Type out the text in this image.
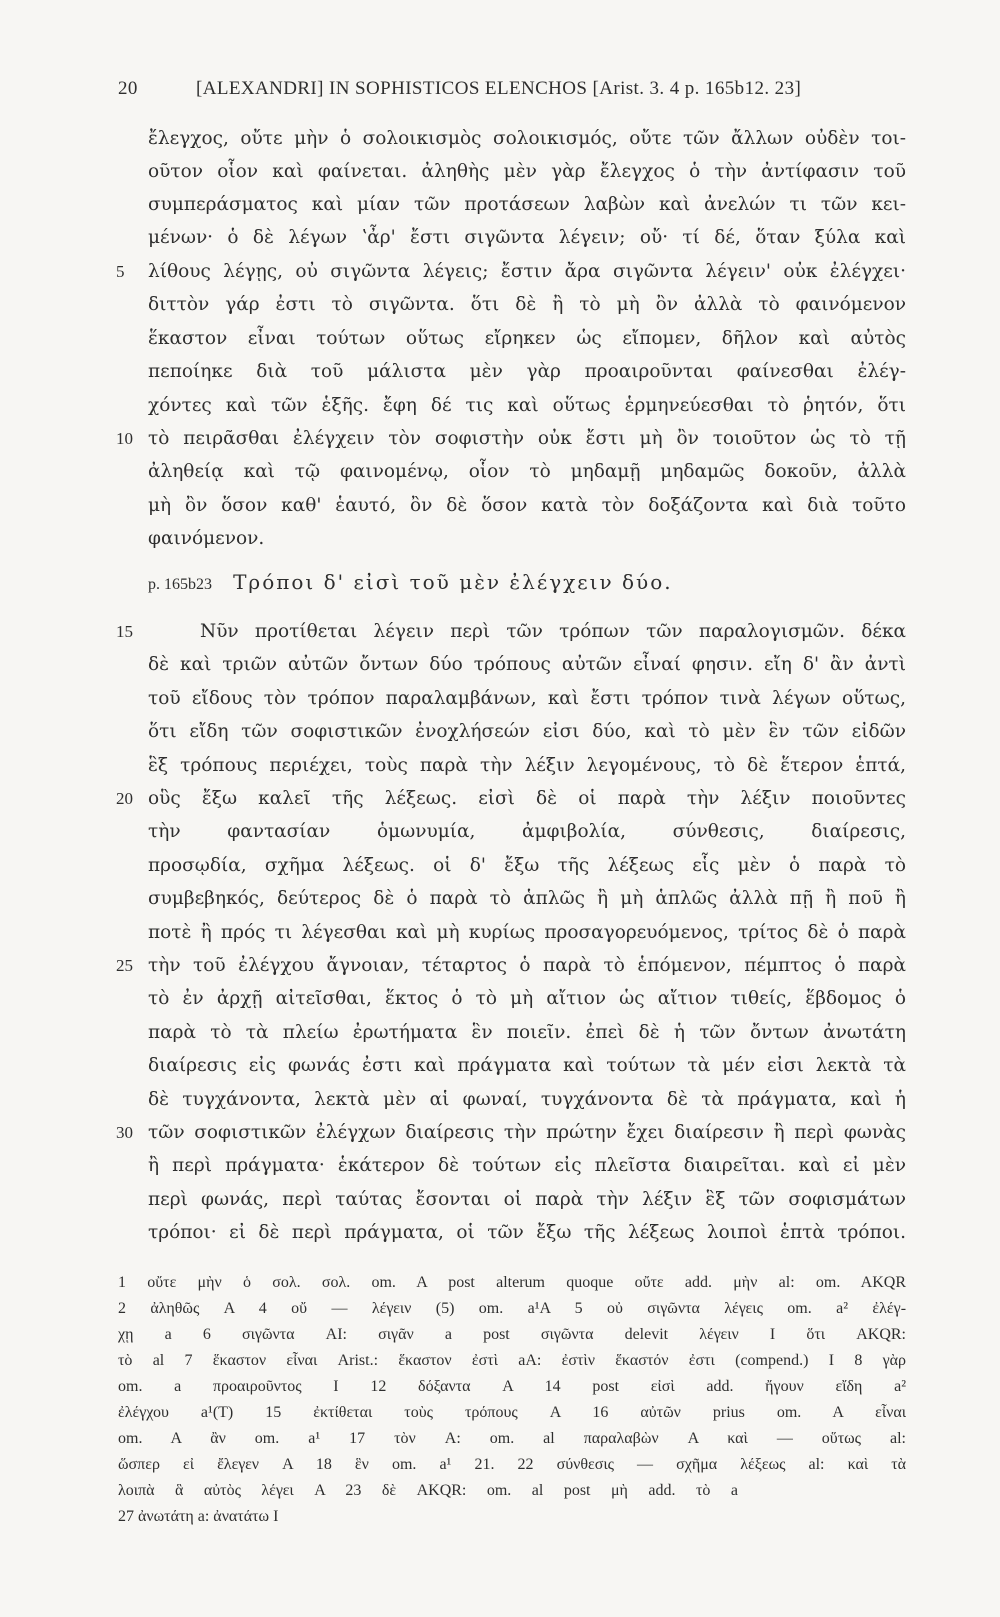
20	[ALEXANDRI] IN SOPHISTICOS ELENCHOS [Arist. 3. 4 p. 165b12. 23]
ἔλεγχος, οὔτε μὴν ὁ σολοικισμὸς σολοικισμός, οὔτε τῶν ἄλλων οὐδὲν τοι-
οῦτον οἷον καὶ φαίνεται. ἀληθὴς μὲν γὰρ ἔλεγχος ὁ τὴν ἀντίφασιν τοῦ
συμπεράσματος καὶ μίαν τῶν προτάσεων λαβὼν καὶ ἀνελών τι τῶν κει-
μένων· ὁ δὲ λέγων ʽἆρ' ἔστι σιγῶντα λέγειν; οὔ· τί δέ, ὅταν ξύλα καὶ
5 λίθους λέγῃς, οὐ σιγῶντα λέγεις; ἔστιν ἄρα σιγῶντα λέγειν' οὐκ ἐλέγχει·
διττὸν γάρ ἐστι τὸ σιγῶντα. ὅτι δὲ ἢ τὸ μὴ ὂν ἀλλὰ τὸ φαινόμενον
ἕκαστον εἶναι τούτων οὕτως εἴρηκεν ὡς εἴπομεν, δῆλον καὶ αὐτὸς
πεποίηκε διὰ τοῦ μάλιστα μὲν γὰρ προαιροῦνται φαίνεσθαι ἐλέγ-
χόντες καὶ τῶν ἑξῆς. ἔφη δέ τις καὶ οὕτως ἑρμηνεύεσθαι τὸ ῥητόν, ὅτι
10 τὸ πειρᾶσθαι ἐλέγχειν τὸν σοφιστὴν οὐκ ἔστι μὴ ὂν τοιοῦτον ὡς τὸ τῇ
ἀληθείᾳ καὶ τῷ φαινομένῳ, οἷον τὸ μηδαμῇ μηδαμῶς δοκοῦν, ἀλλὰ
μὴ ὂν ὅσον καθ' ἑαυτό, ὂν δὲ ὅσον κατὰ τὸν δοξάζοντα καὶ διὰ τοῦτο
φαινόμενον.
p. 165b23 Τρόποι δ' εἰσὶ τοῦ μὲν ἐλέγχειν δύο.
15	Νῦν προτίθεται λέγειν περὶ τῶν τρόπων τῶν παραλογισμῶν. δέκα
δὲ καὶ τριῶν αὐτῶν ὄντων δύο τρόπους αὐτῶν εἶναί φησιν. εἴη δ' ἂν ἀντὶ
τοῦ εἴδους τὸν τρόπον παραλαμβάνων, καὶ ἔστι τρόπον τινὰ λέγων οὕτως,
ὅτι εἴδη τῶν σοφιστικῶν ἐνοχλήσεών εἰσι δύο, καὶ τὸ μὲν ἓν τῶν εἰδῶν
ἓξ τρόπους περιέχει, τοὺς παρὰ τὴν λέξιν λεγομένους, τὸ δὲ ἕτερον ἑπτά,
20 οὓς ἔξω καλεῖ τῆς λέξεως. εἰσὶ δὲ οἱ παρὰ τὴν λέξιν ποιοῦντες
τὴν φαντασίαν ὁμωνυμία, ἀμφιβολία, σύνθεσις, διαίρεσις,
προσῳδία, σχῆμα λέξεως. οἱ δ' ἔξω τῆς λέξεως εἷς μὲν ὁ παρὰ τὸ
συμβεβηκός, δεύτερος δὲ ὁ παρὰ τὸ ἁπλῶς ἢ μὴ ἁπλῶς ἀλλὰ πῇ ἢ ποῦ ἢ
ποτὲ ἢ πρός τι λέγεσθαι καὶ μὴ κυρίως προσαγορευόμενος, τρίτος δὲ ὁ παρὰ
25 τὴν τοῦ ἐλέγχου ἄγνοιαν, τέταρτος ὁ παρὰ τὸ ἑπόμενον, πέμπτος ὁ παρὰ
τὸ ἐν ἀρχῇ αἰτεῖσθαι, ἕκτος ὁ τὸ μὴ αἴτιον ὡς αἴτιον τιθείς, ἕβδομος ὁ
παρὰ τὸ τὰ πλείω ἐρωτήματα ἓν ποιεῖν. ἐπεὶ δὲ ἡ τῶν ὄντων ἀνωτάτη
διαίρεσις εἰς φωνάς ἐστι καὶ πράγματα καὶ τούτων τὰ μέν εἰσι λεκτὰ τὰ
δὲ τυγχάνοντα, λεκτὰ μὲν αἱ φωναί, τυγχάνοντα δὲ τὰ πράγματα, καὶ ἡ
30 τῶν σοφιστικῶν ἐλέγχων διαίρεσις τὴν πρώτην ἔχει διαίρεσιν ἢ περὶ φωνὰς
ἢ περὶ πράγματα· ἑκάτερον δὲ τούτων εἰς πλεῖστα διαιρεῖται. καὶ εἰ μὲν
περὶ φωνάς, περὶ ταύτας ἔσονται οἱ παρὰ τὴν λέξιν ἓξ τῶν σοφισμάτων
τρόποι· εἰ δὲ περὶ πράγματα, οἱ τῶν ἔξω τῆς λέξεως λοιποὶ ἑπτὰ τρόποι.
1 οὔτε μὴν ὁ σολ. σολ. om. A post alterum quoque οὔτε add. μὴν al: om. AKQR
2 ἀληθῶς A 4 οὔ — λέγειν (5) om. a¹A 5 οὐ σιγῶντα λέγεις om. a² ἐλέγ-
χῃ a 6 σιγῶντα AI: σιγᾶν a post σιγῶντα delevit λέγειν I ὅτι AKQR:
τὸ al 7 ἕκαστον εἶναι Arist.: ἕκαστον ἐστὶ aA: ἐστὶν ἕκαστόν ἐστι (compend.) I 8 γὰρ
om. a προαιροῦντος I 12 δόξαντα A 14 post εἰσὶ add. ἤγουν εἴδη a²
ἐλέγχου a¹(T) 15 ἐκτίθεται τοὺς τρόπους A 16 αὐτῶν prius om. A εἶναι
om. A ἂν om. a¹ 17 τὸν A: om. al παραλαβὼν A καὶ — οὕτως al:
ὥσπερ εἰ ἔλεγεν A 18 ἓν om. a¹ 21. 22 σύνθεσις — σχῆμα λέξεως al: καὶ τὰ
λοιπὰ ἃ αὐτὸς λέγει A 23 δὲ AKQR: om. al post μὴ add. τὸ a
27 ἀνωτάτη a: ἀνατάτω I
